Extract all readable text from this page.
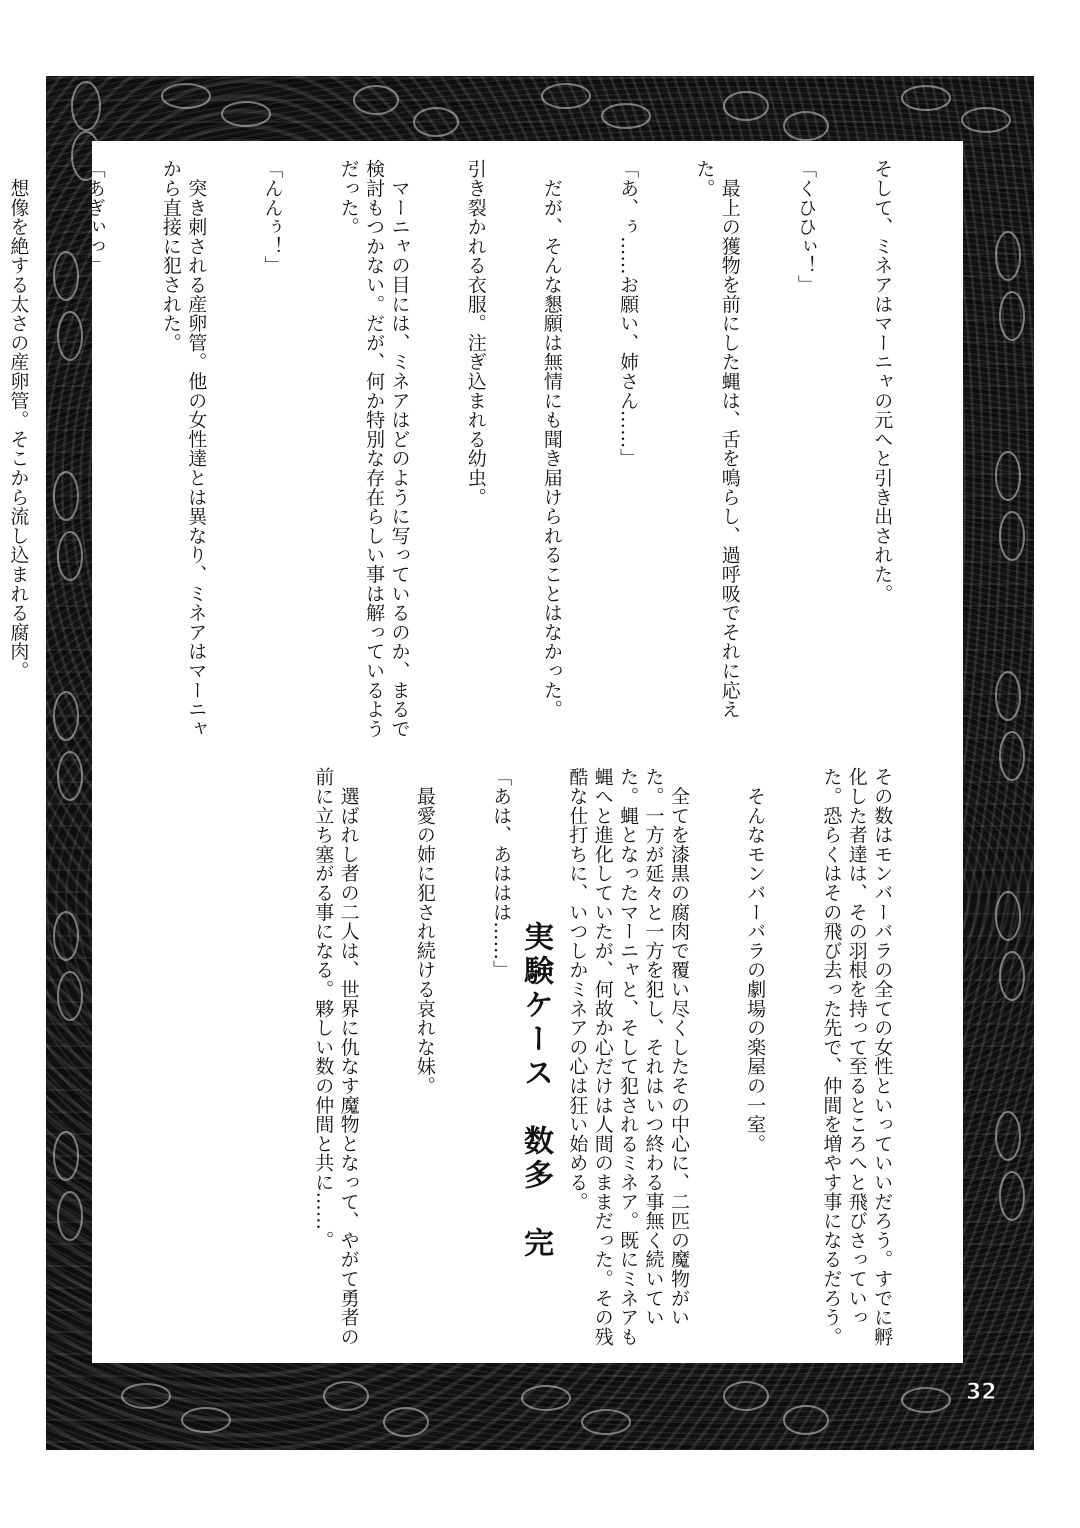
そして、ミネアはマーニャの元へと引き出された。

「くひひぃ！」

　最上の獲物を前にした蝿は、舌を鳴らし、過呼吸でそれに応えた。

「あ、ぅ……お願い、姉さん……」

　だが、そんな懇願は無情にも聞き届けられることはなかった。

引き裂かれる衣服。注ぎ込まれる幼虫。

　マーニャの目には、ミネアはどのように写っているのか、まるで検討もつかない。だが、何か特別な存在らしい事は解っているようだった。

「んんぅ！」

　突き刺される産卵管。他の女性達とは異なり、ミネアはマーニャから直接に犯された。

「あぎぃっ」

　想像を絶する太さの産卵管。そこから流し込まれる腐肉。

その数はモンバーバラの全ての女性といっていいだろう。すでに孵化した者達は、その羽根を持って至るところへと飛びさっていった。恐らくはその飛び去った先で、仲間を増やす事になるだろう。

　そんなモンバーバラの劇場の楽屋の一室。

　全てを漆黒の腐肉で覆い尽くしたその中心に、二匹の魔物がいた。一方が延々と一方を犯し、それはいつ終わる事無く続いていた。蝿となったマーニャと、そして犯されるミネア。既にミネアも蝿へと進化していたが、何故か心だけは人間のままだった。その残酷な仕打ちに、いつしかミネアの心は狂い始める。

「あは、あははは……」

　最愛の姉に犯され続ける哀れな妹。

　選ばれし者の二人は、世界に仇なす魔物となって、やがて勇者の前に立ち塞がる事になる。夥しい数の仲間と共に……。

	実験ケース　数多　完
32
